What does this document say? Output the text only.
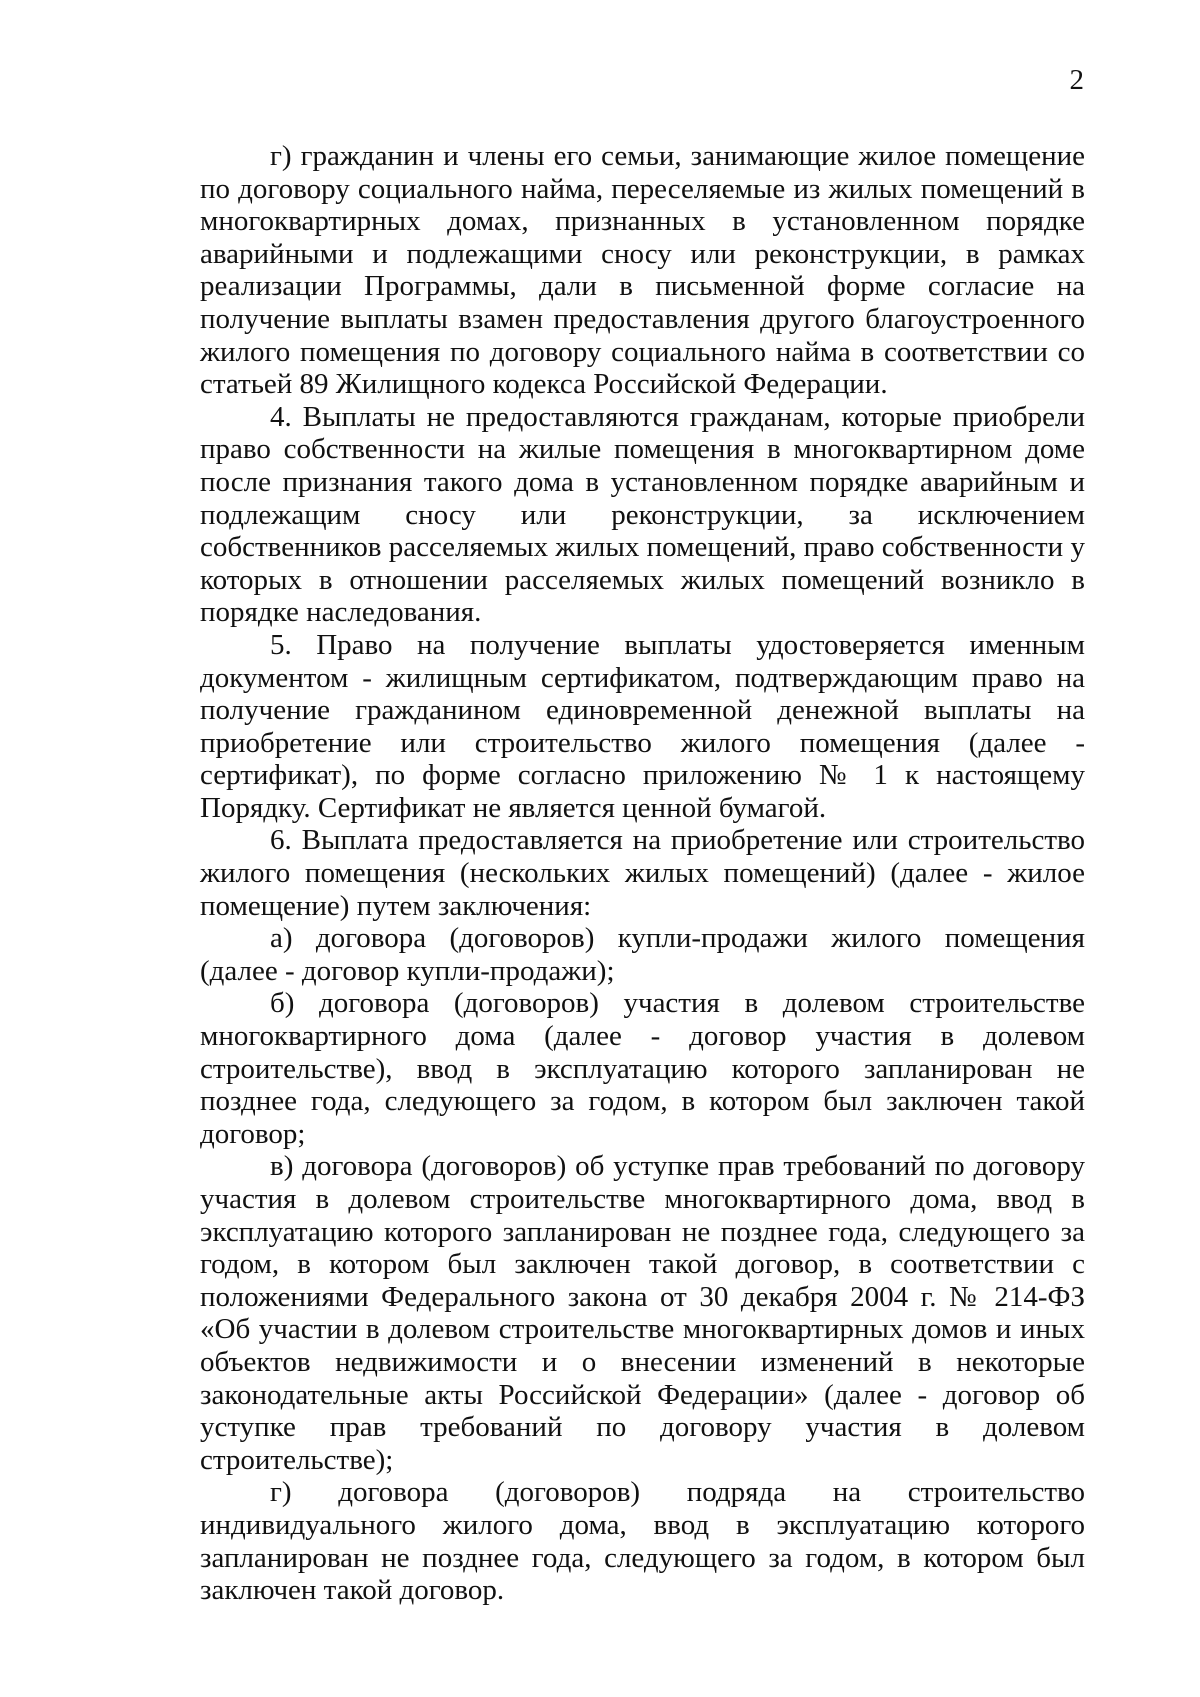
2

г) гражданин и члены его семьи, занимающие жилое помещение по договору социального найма, переселяемые из жилых помещений в многоквартирных домах, признанных в установленном порядке аварийными и подлежащими сносу или реконструкции, в рамках реализации Программы, дали в письменной форме согласие на получение выплаты взамен предоставления другого благоустроенного жилого помещения по договору социального найма в соответствии со статьей 89 Жилищного кодекса Российской Федерации.

4. Выплаты не предоставляются гражданам, которые приобрели право собственности на жилые помещения в многоквартирном доме после признания такого дома в установленном порядке аварийным и подлежащим сносу или реконструкции, за исключением собственников расселяемых жилых помещений, право собственности у которых в отношении расселяемых жилых помещений возникло в порядке наследования.

5. Право на получение выплаты удостоверяется именным документом - жилищным сертификатом, подтверждающим право на получение гражданином единовременной денежной выплаты на приобретение или строительство жилого помещения (далее - сертификат), по форме согласно приложению № 1 к настоящему Порядку. Сертификат не является ценной бумагой.

6. Выплата предоставляется на приобретение или строительство жилого помещения (нескольких жилых помещений) (далее - жилое помещение) путем заключения:

а) договора (договоров) купли-продажи жилого помещения (далее - договор купли-продажи);

б) договора (договоров) участия в долевом строительстве многоквартирного дома (далее - договор участия в долевом строительстве), ввод в эксплуатацию которого запланирован не позднее года, следующего за годом, в котором был заключен такой договор;

в) договора (договоров) об уступке прав требований по договору участия в долевом строительстве многоквартирного дома, ввод в эксплуатацию которого запланирован не позднее года, следующего за годом, в котором был заключен такой договор, в соответствии с положениями Федерального закона от 30 декабря 2004 г. № 214-ФЗ «Об участии в долевом строительстве многоквартирных домов и иных объектов недвижимости и о внесении изменений в некоторые законодательные акты Российской Федерации» (далее - договор об уступке прав требований по договору участия в долевом строительстве);

г) договора (договоров) подряда на строительство индивидуального жилого дома, ввод в эксплуатацию которого запланирован не позднее года, следующего за годом, в котором был заключен такой договор.
